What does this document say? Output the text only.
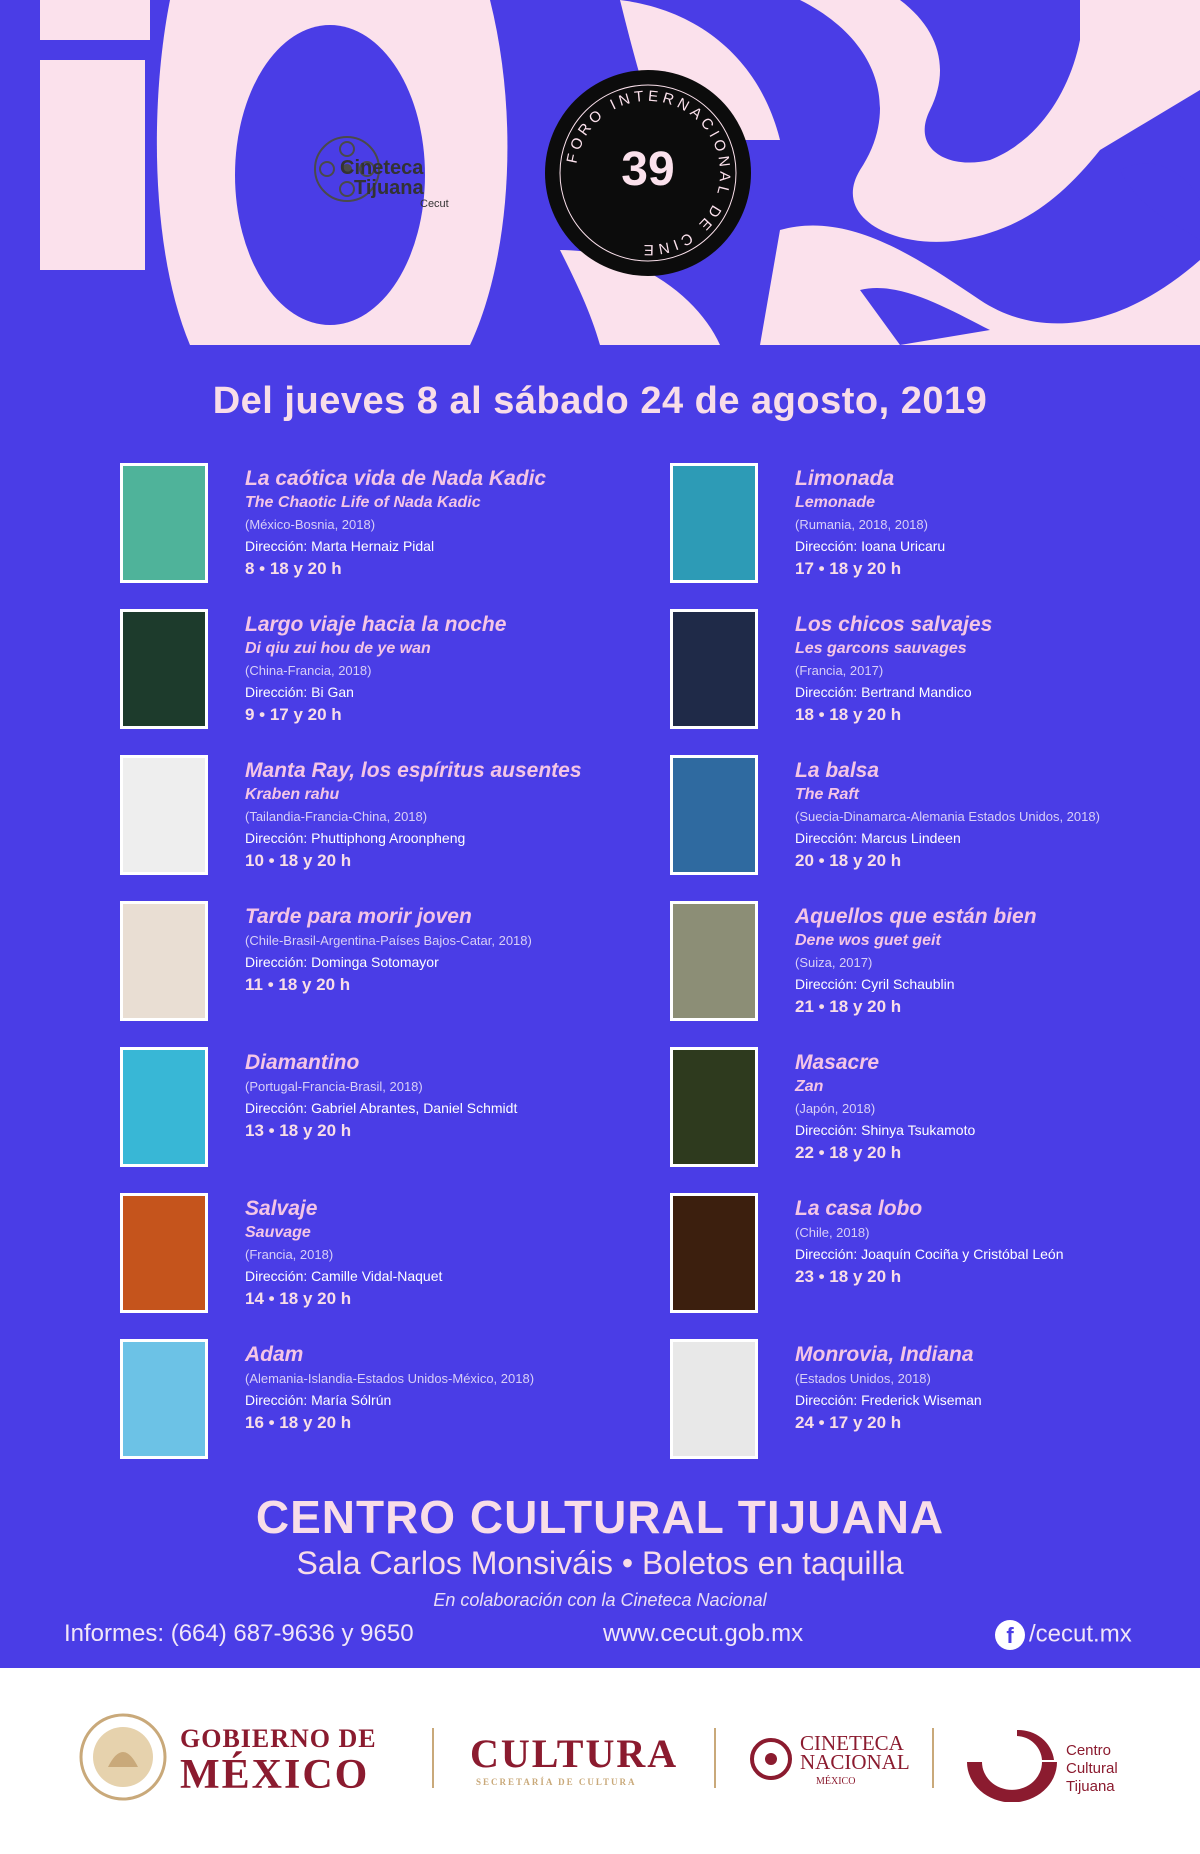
Cineteca
Tijuana
Cecut
FORO INTERNACIONAL DE CINE
39
Del jueves 8 al sábado 24 de agosto, 2019
La caótica vida de Nada Kadic
The Chaotic Life of Nada Kadic
(México-Bosnia, 2018)
Dirección: Marta Hernaiz Pidal
8 • 18 y 20 h
Largo viaje hacia la noche
Di qiu zui hou de ye wan
(China-Francia, 2018)
Dirección: Bi Gan
9 • 17 y 20 h
Manta Ray, los espíritus ausentes
Kraben rahu
(Tailandia-Francia-China, 2018)
Dirección: Phuttiphong Aroonpheng
10 • 18 y 20 h
Tarde para morir joven
(Chile-Brasil-Argentina-Países Bajos-Catar, 2018)
Dirección: Dominga Sotomayor
11 • 18 y 20 h
Diamantino
(Portugal-Francia-Brasil, 2018)
Dirección: Gabriel Abrantes, Daniel Schmidt
13 • 18 y 20 h
Salvaje
Sauvage
(Francia, 2018)
Dirección: Camille Vidal-Naquet
14 • 18 y 20 h
Adam
(Alemania-Islandia-Estados Unidos-México, 2018)
Dirección: María Sólrún
16 • 18 y 20 h
Limonada
Lemonade
(Rumania, 2018, 2018)
Dirección: Ioana Uricaru
17 • 18 y 20 h
Los chicos salvajes
Les garcons sauvages
(Francia, 2017)
Dirección: Bertrand Mandico
18 • 18 y 20 h
La balsa
The Raft
(Suecia-Dinamarca-Alemania Estados Unidos, 2018)
Dirección: Marcus Lindeen
20 • 18 y 20 h
Aquellos que están bien
Dene wos guet geit
(Suiza, 2017)
Dirección: Cyril Schaublin
21 • 18 y 20 h
Masacre
Zan
(Japón, 2018)
Dirección: Shinya Tsukamoto
22 • 18 y 20 h
La casa lobo
(Chile, 2018)
Dirección: Joaquín Cociña y Cristóbal León
23 • 18 y 20 h
Monrovia, Indiana
(Estados Unidos, 2018)
Dirección: Frederick Wiseman
24 • 17 y 20 h
CENTRO CULTURAL TIJUANA
Sala Carlos Monsiváis • Boletos en taquilla
En colaboración con la Cineteca Nacional
Informes: (664) 687-9636 y 9650	www.cecut.gob.mx	f /cecut.mx
GOBIERNO DE
MÉXICO	CULTURA
SECRETARÍA DE CULTURA
CINETECA
NACIONAL
MÉXICO
Centro
Cultural
Tijuana
